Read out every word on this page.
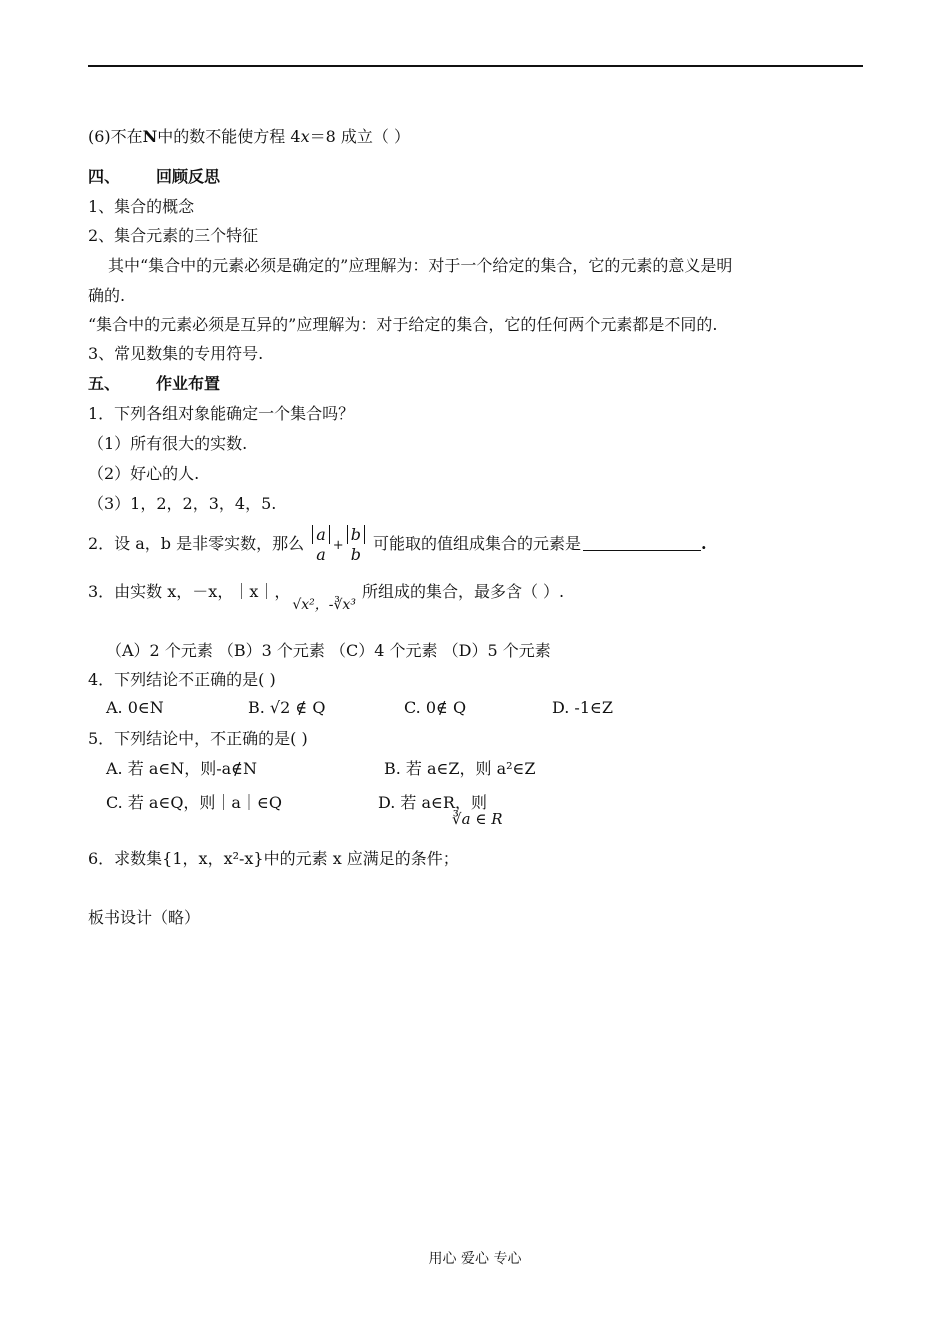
(6)不在N中的数不能使方程 4x＝8 成立（ ）
四、 回顾反思
1、集合的概念
2、集合元素的三个特征
其中“集合中的元素必须是确定的”应理解为：对于一个给定的集合，它的元素的意义是明
确的.
“集合中的元素必须是互异的”应理解为：对于给定的集合，它的任何两个元素都是不同的.
3、常见数集的专用符号.
五、 作业布置
1．下列各组对象能确定一个集合吗？
（1）所有很大的实数.
（2）好心的人.
（3）1，2，2，3，4，5.
2．设 a，b 是非零实数，那么 a
a +
b
b
可能取的值组成集合的元素是	.
3．由实数 x，－x，｜x｜，√x²，-∛x³所组成的集合，最多含（ ）.
（A）2 个元素 （B）3 个元素 （C）4 个元素 （D）5 个元素
4．下列结论不正确的是( )
A. 0∈N	B. √2 ∉ Q	C. 0∉ Q	D. -1∈Z
5．下列结论中，不正确的是( )
A. 若 a∈N，则-a∉N	B. 若 a∈Z，则 a²∈Z
C. 若 a∈Q，则｜a｜∈Q	D. 若 a∈R，则 ∛a ∈ R
6．求数集{1，x，x²-x}中的元素 x 应满足的条件；
板书设计（略）
用心 爱心 专心
